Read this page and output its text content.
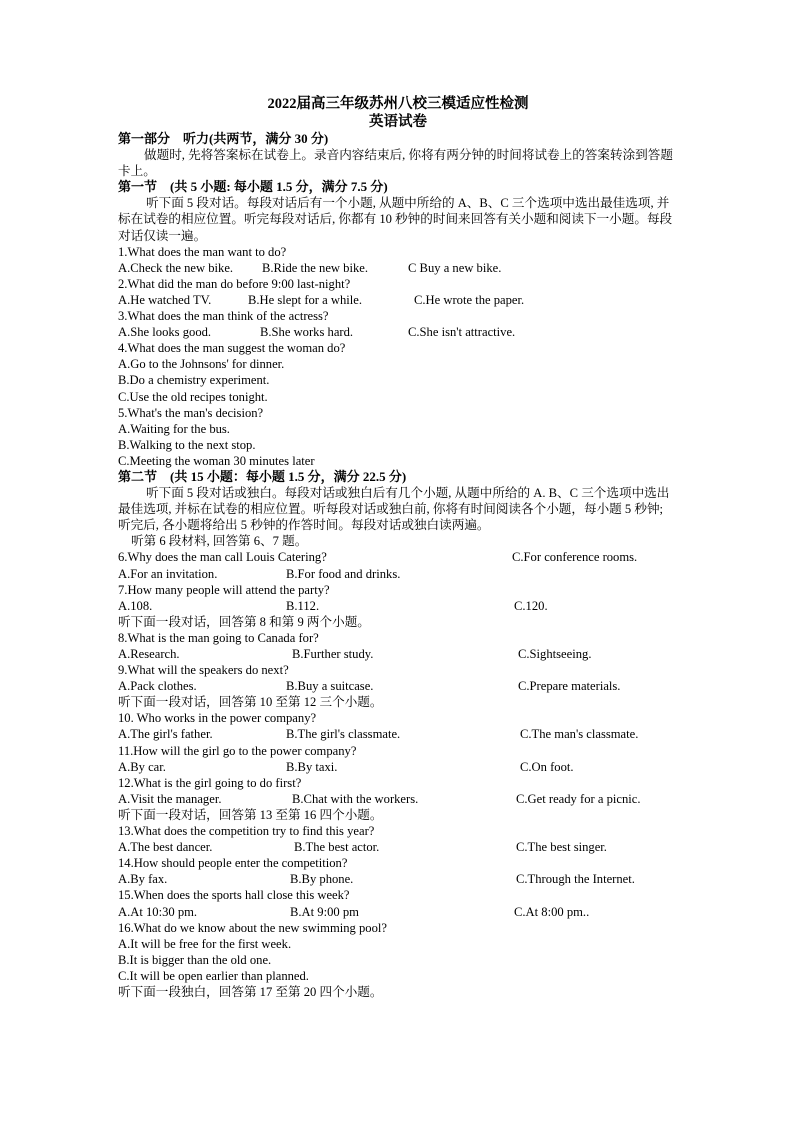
2022届高三年级苏州八校三模适应性检测
英语试卷
第一部分　听力(共两节，满分 30 分)
做题时, 先将答案标在试卷上。录音内容结束后, 你将有两分钟的时间将试卷上的答案转涂到答题卡上。
第一节　(共 5 小题: 每小题 1.5 分，满分 7.5 分)
听下面 5 段对话。每段对话后有一个小题, 从题中所给的 A、B、C 三个选项中选出最佳选项, 并标在试卷的相应位置。听完每段对话后, 你都有 10 秒钟的时间来回答有关小题和阅读下一小题。每段对话仅读一遍。
1.What does the man want to do?
A.Check the new bike.	B.Ride the new bike.	C Buy a new bike.
2.What did the man do before 9:00 last-night?
A.He watched TV.	B.He slept for a while.	C.He wrote the paper.
3.What does the man think of the actress?
A.She looks good.	B.She works hard.	C.She isn't attractive.
4.What does the man suggest the woman do?
A.Go to the Johnsons' for dinner.
B.Do a chemistry experiment.
C.Use the old recipes tonight.
5.What's the man's decision?
A.Waiting for the bus.
B.Walking to the next stop.
C.Meeting the woman 30 minutes later
第二节　(共 15 小题：每小题 1.5 分，满分 22.5 分)
听下面 5 段对话或独白。每段对话或独白后有几个小题, 从题中所给的 A. B、C 三个选项中选出最佳选项, 并标在试卷的相应位置。听每段对话或独白前, 你将有时间阅读各个小题，每小题 5 秒钟; 听完后, 各小题将给出 5 秒钟的作答时间。每段对话或独白读两遍。
听第 6 段材料, 回答第 6、7 题。
6.Why does the man call Louis Catering?	C.For conference rooms.
A.For an invitation.	B.For food and drinks.
7.How many people will attend the party?
A.108.	B.112.	C.120.
听下面一段对话，回答第 8 和第 9 两个小题。
8.What is the man going to Canada for?
A.Research.	B.Further study.	C.Sightseeing.
9.What will the speakers do next?
A.Pack clothes.	B.Buy a suitcase.	C.Prepare materials.
听下面一段对话，回答第 10 至第 12 三个小题。
10. Who works in the power company?
A.The girl's father.	B.The girl's classmate.	C.The man's classmate.
11.How will the girl go to the power company?
A.By car.	B.By taxi.	C.On foot.
12.What is the girl going to do first?
A.Visit the manager.	B.Chat with the workers.	C.Get ready for a picnic.
听下面一段对话，回答第 13 至第 16 四个小题。
13.What does the competition try to find this year?
A.The best dancer.	B.The best actor.	C.The best singer.
14.How should people enter the competition?
A.By fax.	B.By phone.	C.Through the Internet.
15.When does the sports hall close this week?
A.At 10:30 pm.	B.At 9:00 pm	C.At 8:00 pm..
16.What do we know about the new swimming pool?
A.It will be free for the first week.
B.It is bigger than the old one.
C.It will be open earlier than planned.
听下面一段独白，回答第 17 至第 20 四个小题。
